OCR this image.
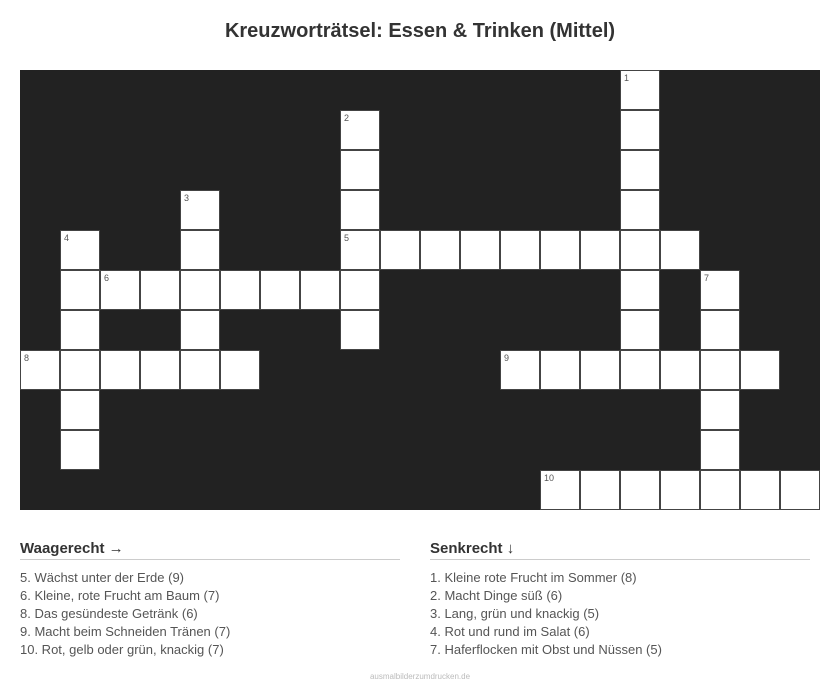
Kreuzworträtsel: Essen & Trinken (Mittel)
1
2
3
4	5
6	7
8	9
10
Waagerecht →
5. Wächst unter der Erde (9)
6. Kleine, rote Frucht am Baum (7)
8. Das gesündeste Getränk (6)
9. Macht beim Schneiden Tränen (7)
10. Rot, gelb oder grün, knackig (7)
Senkrecht ↓
1. Kleine rote Frucht im Sommer (8)
2. Macht Dinge süß (6)
3. Lang, grün und knackig (5)
4. Rot und rund im Salat (6)
7. Haferflocken mit Obst und Nüssen (5)
ausmalbilderzumdrucken.de
